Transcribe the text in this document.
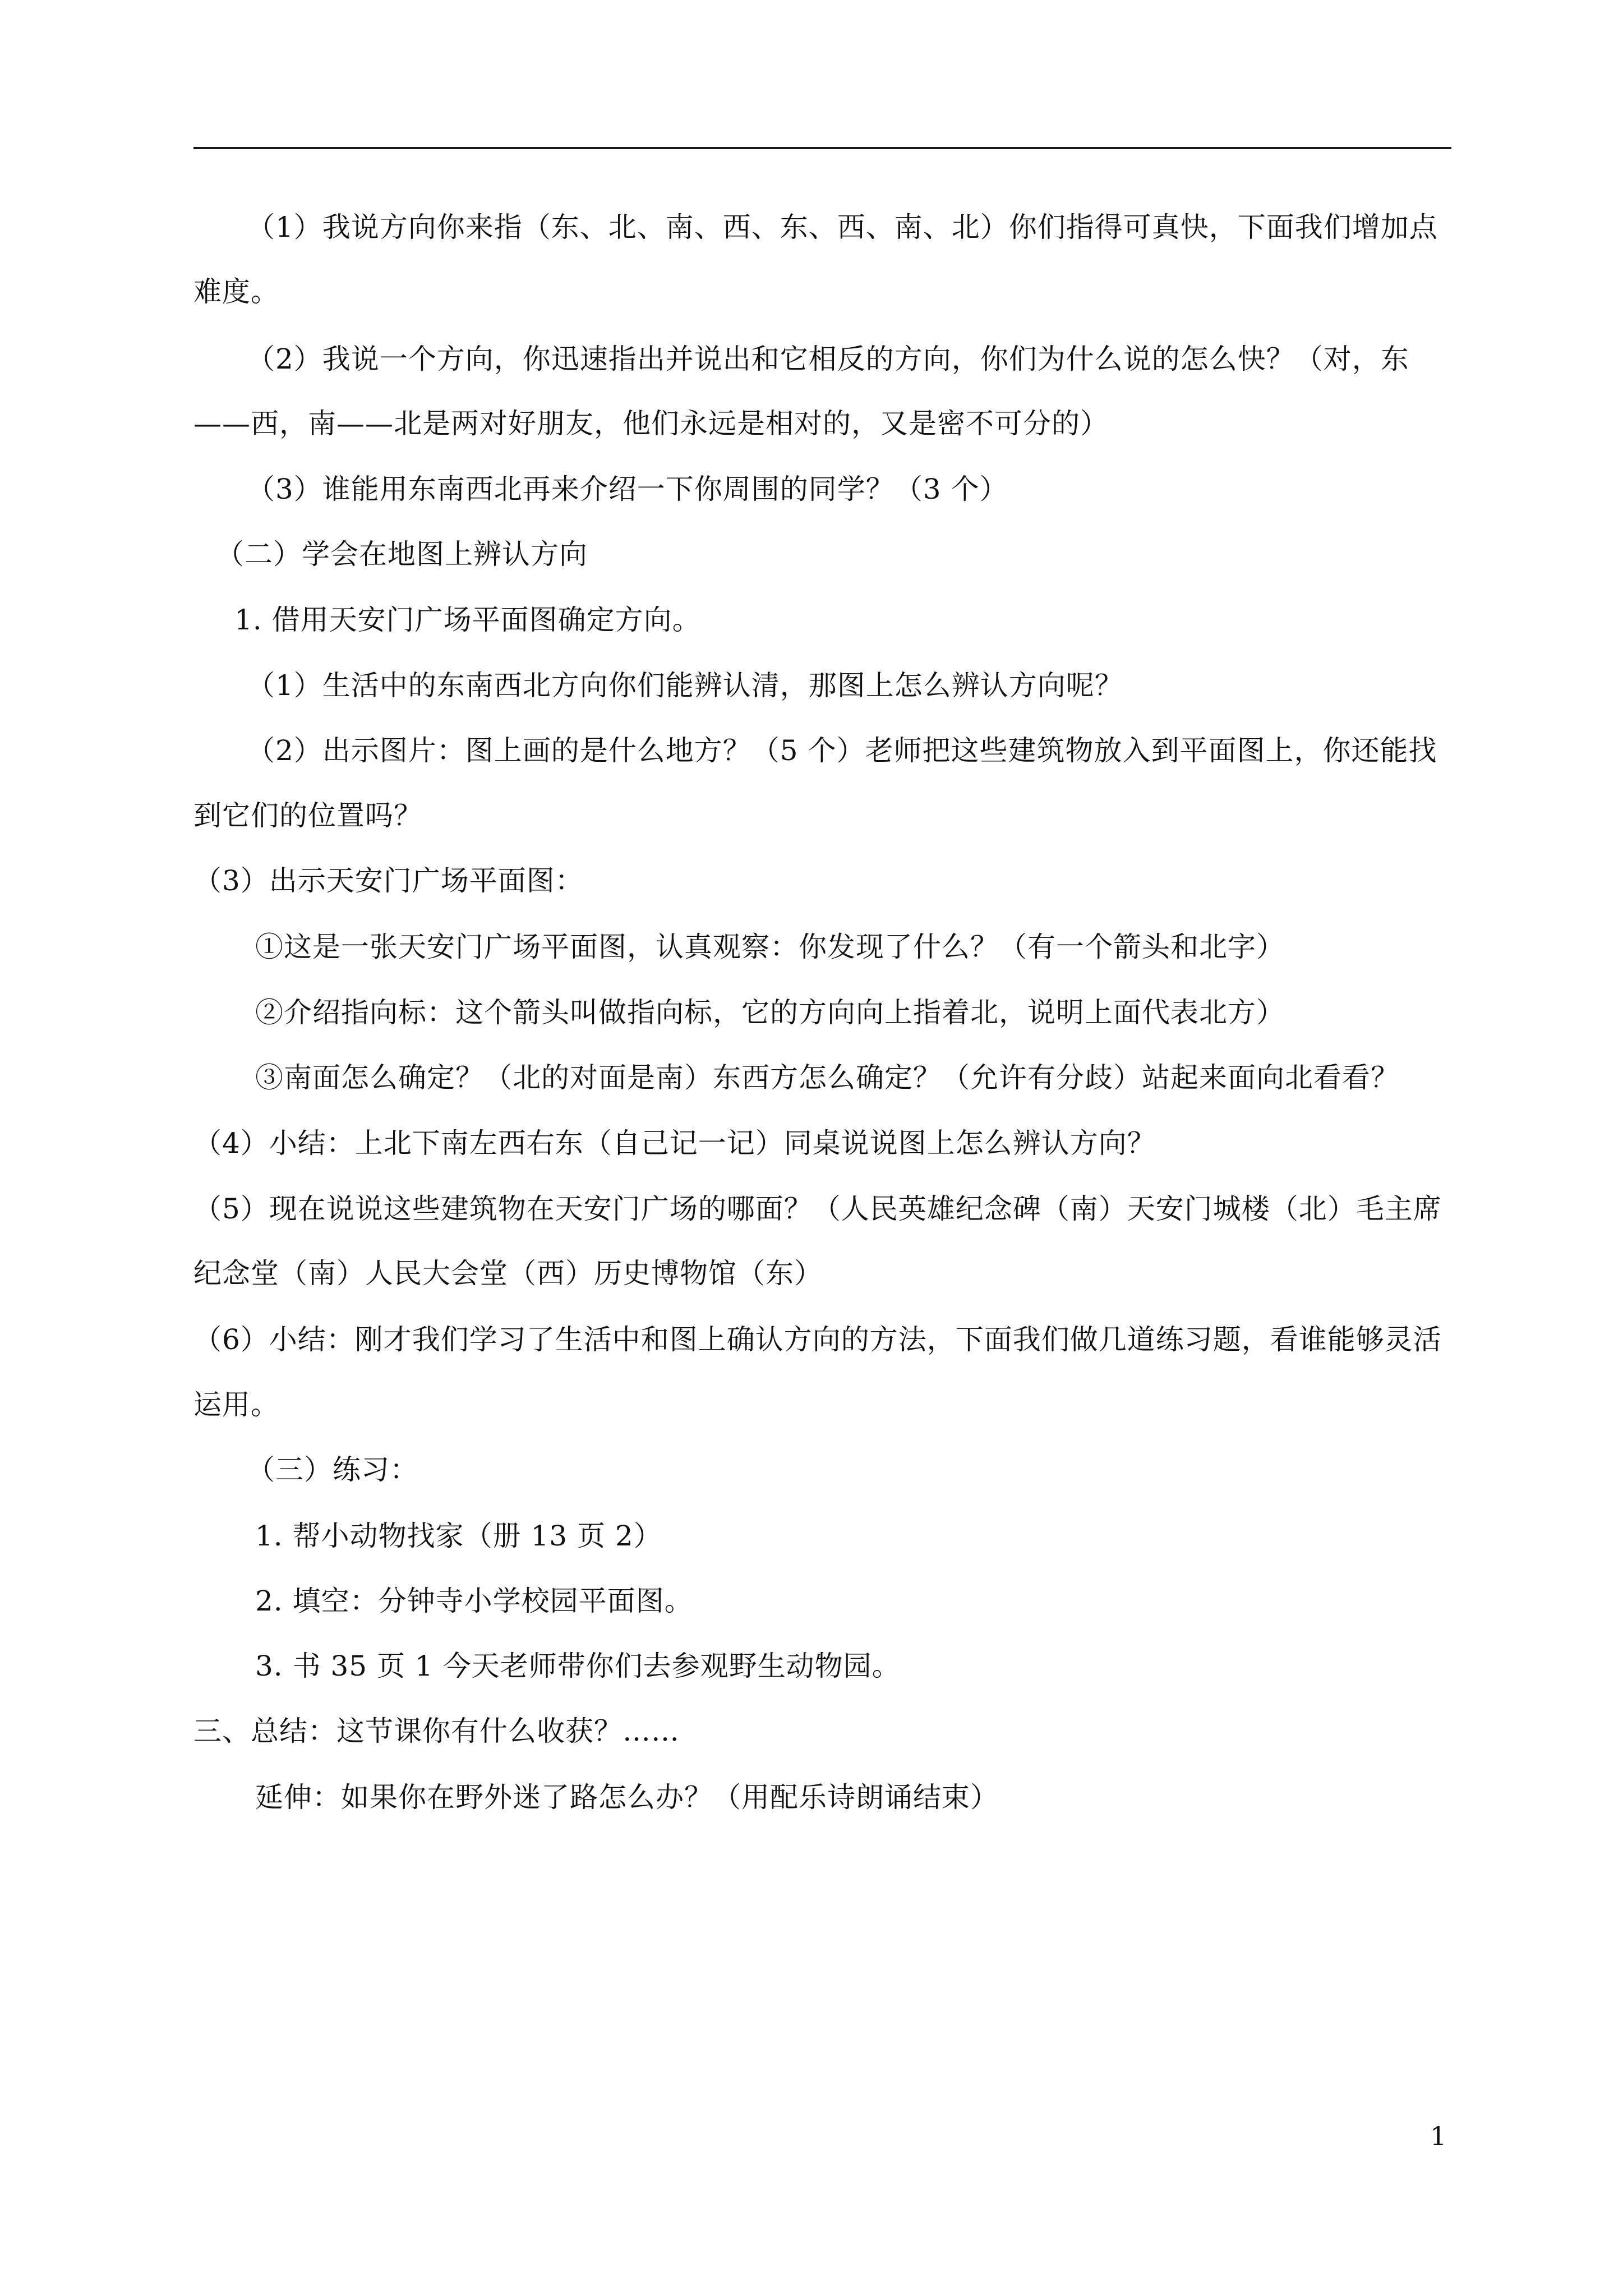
（1）我说方向你来指（东、北、南、西、东、西、南、北）你们指得可真快，下面我们增加点
难度。
（2）我说一个方向，你迅速指出并说出和它相反的方向，你们为什么说的怎么快？（对，东
——西，南——北是两对好朋友，他们永远是相对的，又是密不可分的）
（3）谁能用东南西北再来介绍一下你周围的同学？（3 个）
（二）学会在地图上辨认方向
1. 借用天安门广场平面图确定方向。
（1）生活中的东南西北方向你们能辨认清，那图上怎么辨认方向呢？
（2）出示图片：图上画的是什么地方？（5 个）老师把这些建筑物放入到平面图上，你还能找
到它们的位置吗？
（3）出示天安门广场平面图：
①这是一张天安门广场平面图，认真观察：你发现了什么？（有一个箭头和北字）
②介绍指向标：这个箭头叫做指向标，它的方向向上指着北，说明上面代表北方）
③南面怎么确定？（北的对面是南）东西方怎么确定？（允许有分歧）站起来面向北看看？
（4）小结：上北下南左西右东（自己记一记）同桌说说图上怎么辨认方向？
（5）现在说说这些建筑物在天安门广场的哪面？（人民英雄纪念碑（南）天安门城楼（北）毛主席
纪念堂（南）人民大会堂（西）历史博物馆（东）
（6）小结：刚才我们学习了生活中和图上确认方向的方法，下面我们做几道练习题，看谁能够灵活
运用。
（三）练习：
1. 帮小动物找家（册 13 页 2）
2. 填空：分钟寺小学校园平面图。
3. 书 35 页 1 今天老师带你们去参观野生动物园。
三、总结：这节课你有什么收获？……
延伸：如果你在野外迷了路怎么办？（用配乐诗朗诵结束）
1
